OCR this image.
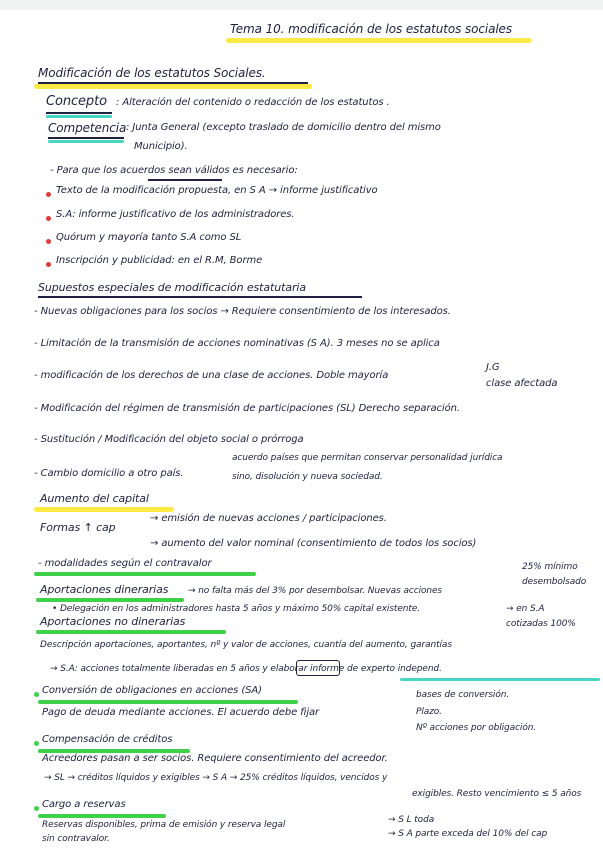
Tema 10. modificación de los estatutos sociales
Modificación de los estatutos Sociales.
Concepto : Alteración del contenido o redacción de los estatutos .
Competencia : Junta General (excepto traslado de domicilio dentro del mismo
Municipio).
- Para que los acuerdos sean válidos es necesario:
Texto de la modificación propuesta, en S A → informe justificativo
S.A: informe justificativo de los administradores.
Quórum y mayoría tanto S.A como SL
Inscripción y publicidad: en el R.M, Borme
Supuestos especiales de modificación estatutaria
- Nuevas obligaciones para los socios → Requiere consentimiento de los interesados.
- Limitación de la transmisión de acciones nominativas (S A). 3 meses no se aplica
- modificación de los derechos de una clase de acciones. Doble mayoría
J.G
clase afectada
- Modificación del régimen de transmisión de participaciones (SL) Derecho separación.
- Sustitución / Modificación del objeto social o prórroga
- Cambio domicilio a otro país.
acuerdo países que permitan conservar personalidad jurídica
sino, disolución y nueva sociedad.
Aumento del capital
Formas ↑ cap
→ emisión de nuevas acciones / participaciones.
→ aumento del valor nominal (consentimiento de todos los socios)
- modalidades según el contravalor	25% mínimo
desembolsado
Aportaciones dinerarias → no falta más del 3% por desembolsar. Nuevas acciones
→ en S.A
cotizadas 100%
• Delegación en los administradores hasta 5 años y máximo 50% capital existente.
Aportaciones no dinerarias
Descripción aportaciones, aportantes, nº y valor de acciones, cuantía del aumento, garantías
→ S.A: acciones totalmente liberadas en 5 años y elaborar informe de experto independ.
Conversión de obligaciones en acciones (SA)
Pago de deuda mediante acciones. El acuerdo debe fijar
bases de conversión.
Plazo.
Nº acciones por obligación.
Compensación de créditos
Acreedores pasan a ser socios. Requiere consentimiento del acreedor.
→ SL → créditos líquidos y exigibles → S A → 25% créditos líquidos, vencidos y
exigibles. Resto vencimiento ≤ 5 años
Cargo a reservas
Reservas disponibles, prima de emisión y reserva legal	→ S L toda
→ S A parte exceda del 10% del cap
sin contravalor.
